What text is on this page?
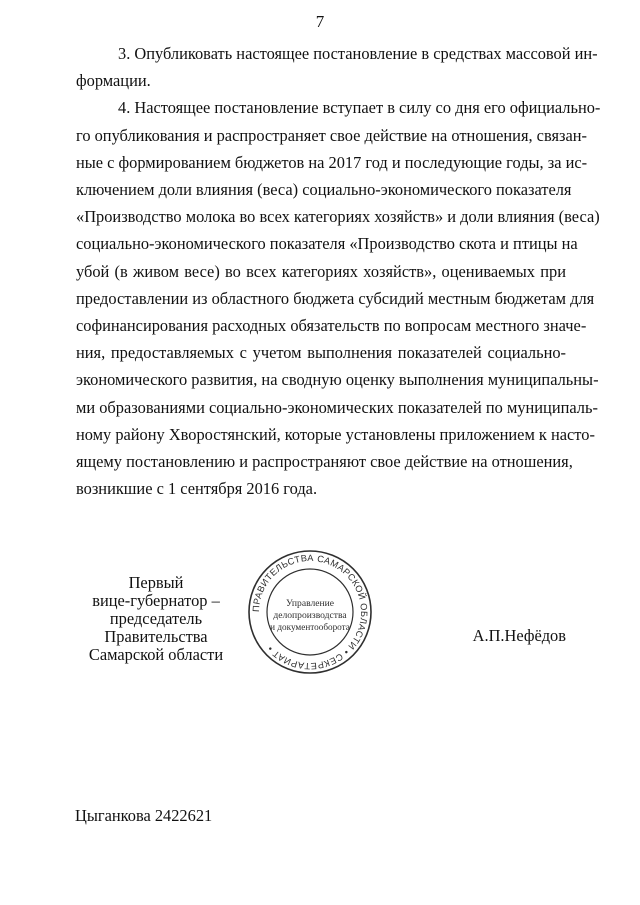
7
3. Опубликовать настоящее постановление в средствах массовой ин-
формации.
4. Настоящее постановление вступает в силу со дня его официально-
го опубликования и распространяет свое действие на отношения, связан-
ные с формированием бюджетов на 2017 год и последующие годы, за ис-
ключением доли влияния (веса) социально-экономического показателя
«Производство молока во всех категориях хозяйств» и доли влияния (веса)
социально-экономического показателя «Производство скота и птицы на
убой (в живом весе) во всех категориях хозяйств», оцениваемых при
предоставлении из областного бюджета субсидий местным бюджетам для
софинансирования расходных обязательств по вопросам местного значе-
ния, предоставляемых с учетом выполнения показателей социально-
экономического развития, на сводную оценку выполнения муниципальны-
ми образованиями социально-экономических показателей по муниципаль-
ному району Хворостянский, которые установлены приложением к насто-
ящему постановлению и распространяют свое действие на отношения,
возникшие с 1 сентября 2016 года.
Первый
вице-губернатор –
председатель Правительства
Самарской области
ПРАВИТЕЛЬСТВА САМАРСКОЙ ОБЛАСТИ • СЕКРЕТАРИАТ •
Управление
делопроизводства
и документооборота	А.П.Нефёдов
Цыганкова 2422621
